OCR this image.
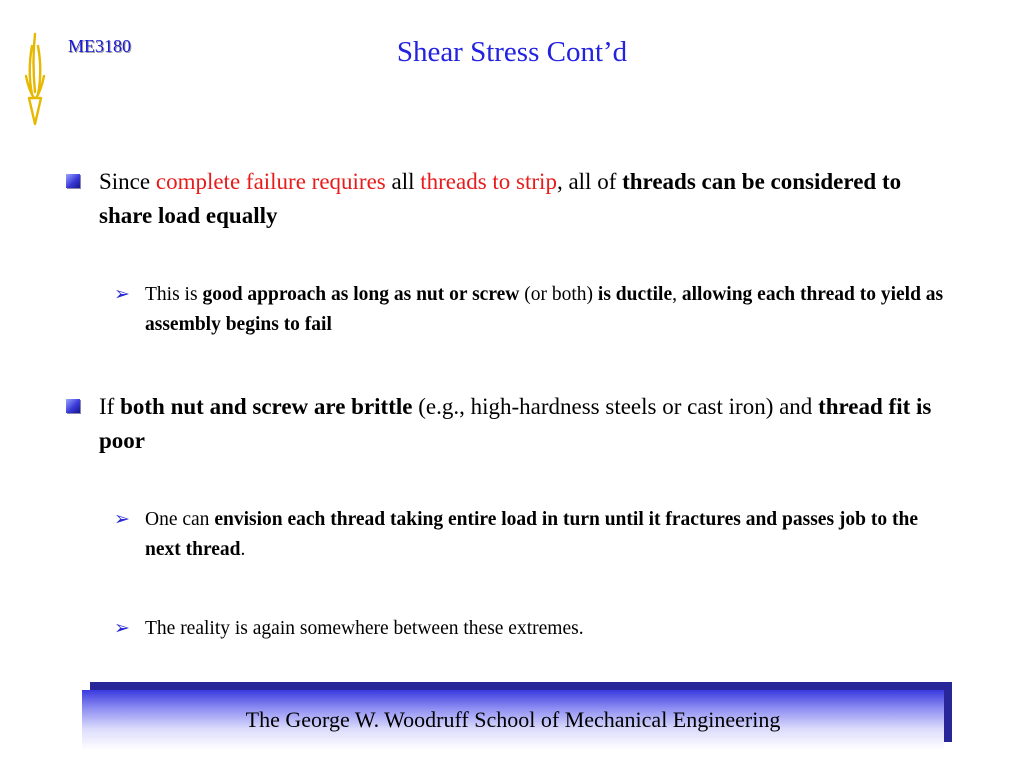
ME3180	Shear Stress Cont’d
Since complete failure requires all threads to strip, all of threads can be considered to share load equally
➢ This is good approach as long as nut or screw (or both) is ductile, allowing each thread to yield as assembly begins to fail
If both nut and screw are brittle (e.g., high-hardness steels or cast iron) and thread fit is poor
➢ One can envision each thread taking entire load in turn until it fractures and passes job to the next thread.
➢ The reality is again somewhere between these extremes.
The George W. Woodruff School of Mechanical Engineering
